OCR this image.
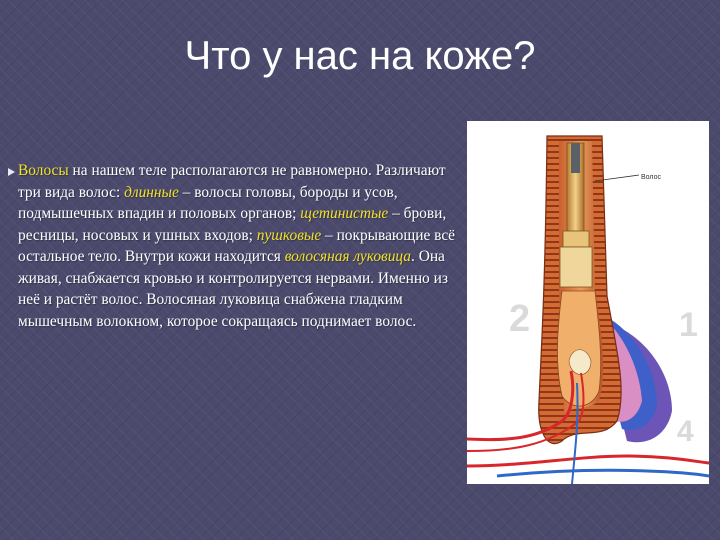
Что у нас на коже?
Волосы на нашем теле располагаются не равномерно. Различают три вида волос: длинные – волосы головы, бороды и усов, подмышечных впадин и половых органов; щетинистые – брови, ресницы, носовых и ушных входов; пушковые – покрывающие всё остальное тело. Внутри кожи находится волосяная луковица. Она живая, снабжается кровью и контролируется нервами. Именно из неё и растёт волос. Волосяная луковица снабжена гладким мышечным волокном, которое сокращаясь поднимает волос.	2	1
4
Волос
